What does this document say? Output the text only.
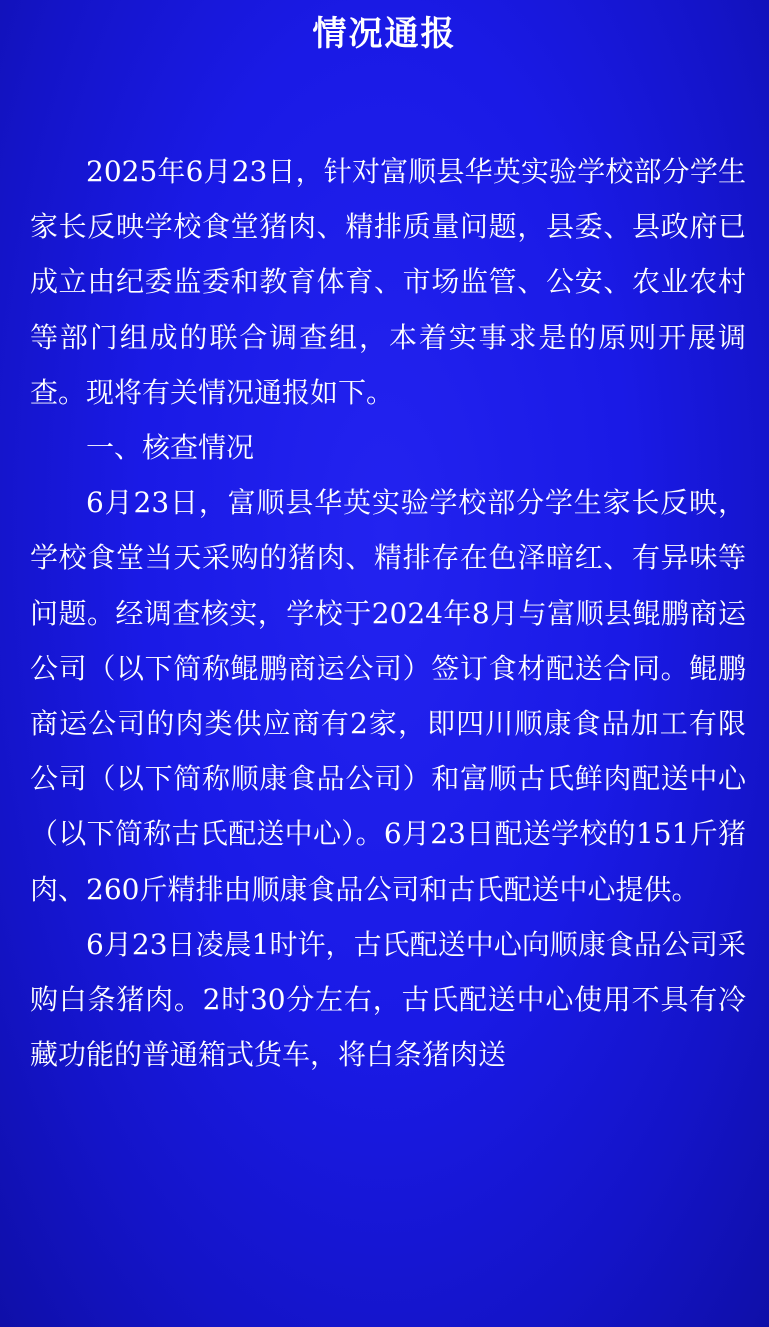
情况通报

2025年6月23日，针对富顺县华英实验学校部分学生家长反映学校食堂猪肉、精排质量问题，县委、县政府已成立由纪委监委和教育体育、市场监管、公安、农业农村等部门组成的联合调查组，本着实事求是的原则开展调查。现将有关情况通报如下。

一、核查情况

6月23日，富顺县华英实验学校部分学生家长反映，学校食堂当天采购的猪肉、精排存在色泽暗红、有异味等问题。经调查核实，学校于2024年8月与富顺县鲲鹏商运公司（以下简称鲲鹏商运公司）签订食材配送合同。鲲鹏商运公司的肉类供应商有2家，即四川顺康食品加工有限公司（以下简称顺康食品公司）和富顺古氏鲜肉配送中心（以下简称古氏配送中心）。6月23日配送学校的151斤猪肉、260斤精排由顺康食品公司和古氏配送中心提供。

6月23日凌晨1时许，古氏配送中心向顺康食品公司采购白条猪肉。2时30分左右，古氏配送中心使用不具有冷藏功能的普通箱式货车，将白条猪肉送
